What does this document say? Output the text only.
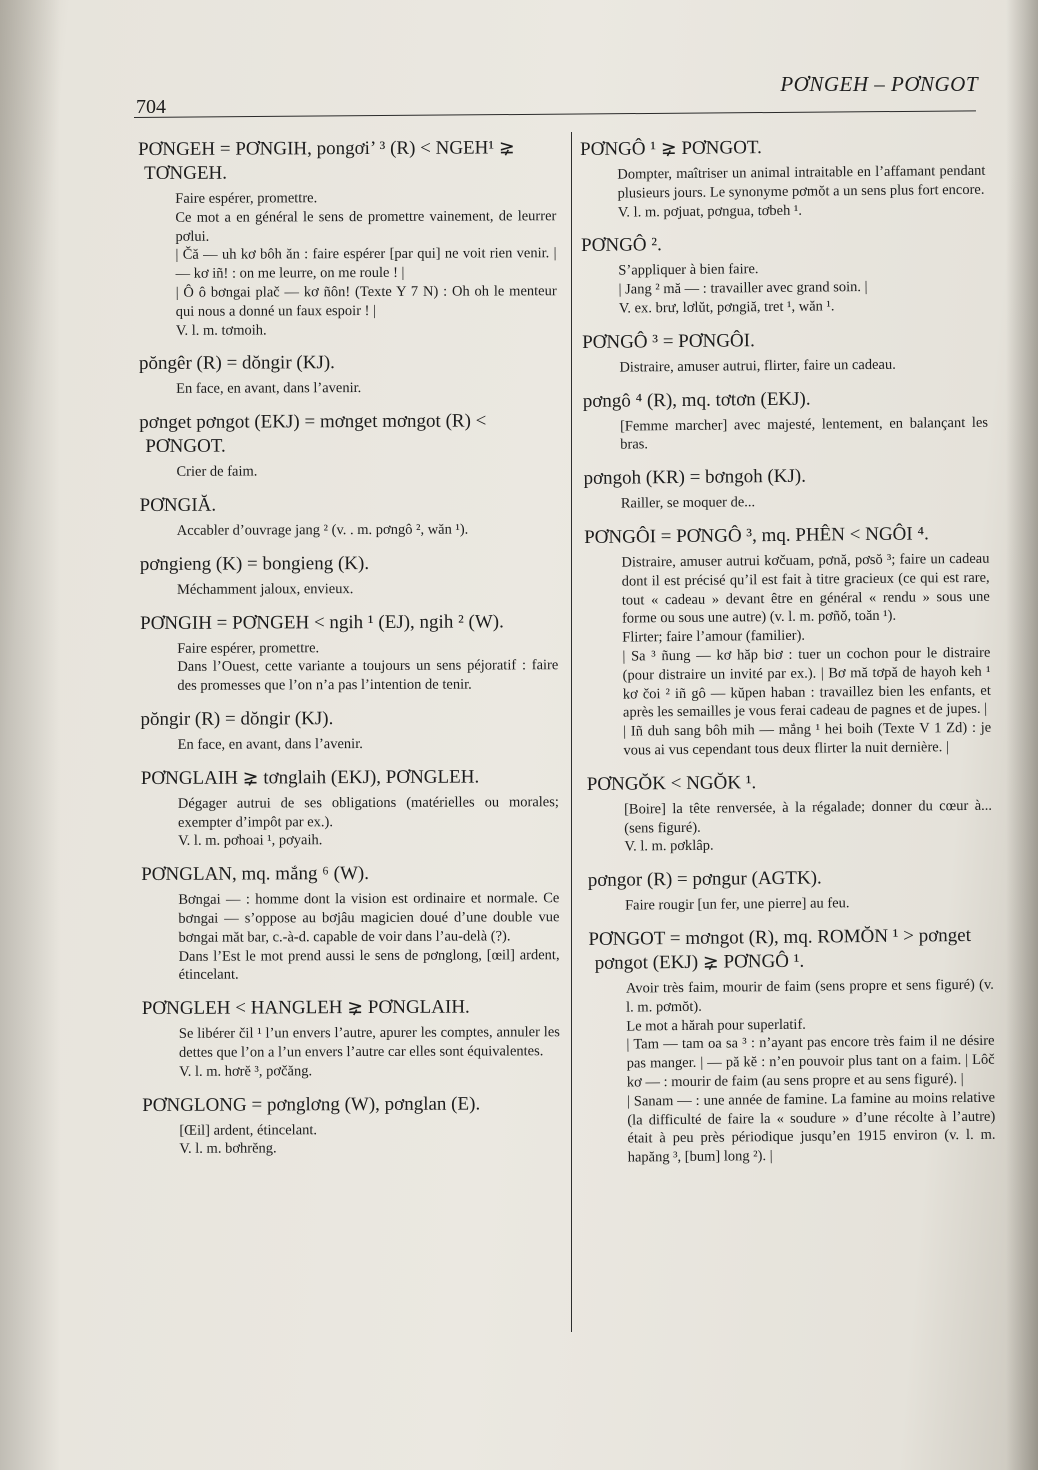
704
PƠNGEH – PƠNGOT
PƠNGEH = PƠNGIH, pongơi’ ³ (R) < NGEH¹ ⪈ TƠNGEH.
Faire espérer, promettre.
Ce mot a en général le sens de promettre vainement, de leurrer pơlui.
| Čă — uh kơ bôh ăn : faire espérer [par qui] ne voit rien venir. | — kơ iñ! : on me leurre, on me roule ! |
| Ô ô bơngai plač — kơ ñôn! (Texte Y 7 N) : Oh oh le menteur qui nous a donné un faux espoir ! |
V. l. m. tơmoih.
pŏngêr (R) = dŏngir (KJ).
En face, en avant, dans l’avenir.
pơnget pơngot (EKJ) = mơnget mơngot (R) < PƠNGOT.
Crier de faim.
PƠNGIĂ.
Accabler d’ouvrage jang ² (v. . m. pơngô ², wăn ¹).
pơngieng (K) = bongieng (K).
Méchamment jaloux, envieux.
PƠNGIH = PƠNGEH < ngih ¹ (EJ), ngih ² (W).
Faire espérer, promettre.
Dans l’Ouest, cette variante a toujours un sens péjoratif : faire des promesses que l’on n’a pas l’intention de tenir.
pŏngir (R) = dŏngir (KJ).
En face, en avant, dans l’avenir.
PƠNGLAIH ⪈ tơnglaih (EKJ), PƠNGLEH.
Dégager autrui de ses obligations (matérielles ou morales; exempter d’impôt par ex.).
V. l. m. pơhoai ¹, pơyaih.
PƠNGLAN, mq. mắng ⁶ (W).
Bơngai — : homme dont la vision est ordinaire et normale. Ce bơngai — s’oppose au bơjâu magicien doué d’une double vue bơngai măt bar, c.-à-d. capable de voir dans l’au-delà (?).
Dans l’Est le mot prend aussi le sens de pơnglong, [œil] ardent, étincelant.
PƠNGLEH < HANGLEH ⪈ PƠNGLAIH.
Se libérer čil ¹ l’un envers l’autre, apurer les comptes, annuler les dettes que l’on a l’un envers l’autre car elles sont équivalentes.
V. l. m. hơrĕ ³, pơčăng.
PƠNGLONG = pơnglơng (W), pơnglan (E).
[Œil] ardent, étincelant.
V. l. m. bơhrĕng.
PƠNGÔ ¹ ⪈ PƠNGOT.
Dompter, maîtriser un animal intraitable en l’affamant pendant plusieurs jours. Le synonyme pơmŏt a un sens plus fort encore.
V. l. m. pơjuat, pơngua, tơbeh ¹.
PƠNGÔ ².
S’appliquer à bien faire.
| Jang ² mă — : travailler avec grand soin. |
V. ex. brư, lơlŭt, pơngiă, tret ¹, wăn ¹.
PƠNGÔ ³ = PƠNGÔI.
Distraire, amuser autrui, flirter, faire un cadeau.
pơngô ⁴ (R), mq. tơtơn (EKJ).
[Femme marcher] avec majesté, lentement, en balançant les bras.
pơngoh (KR) = bơngoh (KJ).
Railler, se moquer de...
PƠNGÔI = PƠNGÔ ³, mq. PHÊN < NGÔI ⁴.
Distraire, amuser autrui kơčuam, pơnă, pơsŏ ³; faire un cadeau dont il est précisé qu’il est fait à titre gracieux (ce qui est rare, tout « cadeau » devant être en général « rendu » sous une forme ou sous une autre) (v. l. m. pơñŏ, toăn ¹).
Flirter; faire l’amour (familier).
| Sa ³ ñung — kơ hăp biơ : tuer un cochon pour le distraire (pour distraire un invité par ex.). | Bơ mă tơpă de hayoh keh ¹ kơ čoi ² iñ gô — kŭpen haban : travaillez bien les enfants, et après les semailles je vous ferai cadeau de pagnes et de jupes. |
| Iñ duh sang bôh mih — mắng ¹ hei boih (Texte V 1 Zd) : je vous ai vus cependant tous deux flirter la nuit dernière. |
PƠNGŎK < NGŎK ¹.
[Boire] la tête renversée, à la régalade; donner du cœur à... (sens figuré).
V. l. m. pơklâp.
pơngor (R) = pơngur (AGTK).
Faire rougir [un fer, une pierre] au feu.
PƠNGOT = mơngot (R), mq. ROMŎN ¹ > pơnget pơngot (EKJ) ⪈ PƠNGÔ ¹.
Avoir très faim, mourir de faim (sens propre et sens figuré) (v. l. m. pơmŏt).
Le mot a hărah pour superlatif.
| Tam — tam oa sa ³ : n’ayant pas encore très faim il ne désire pas manger. | — pă kĕ : n’en pouvoir plus tant on a faim. | Lôč kơ — : mourir de faim (au sens propre et au sens figuré). |
| Sanam — : une année de famine. La famine au moins relative (la difficulté de faire la « soudure » d’une récolte à l’autre) était à peu près périodique jusqu’en 1915 environ (v. l. m. hapăng ³, [bum] long ²). |
